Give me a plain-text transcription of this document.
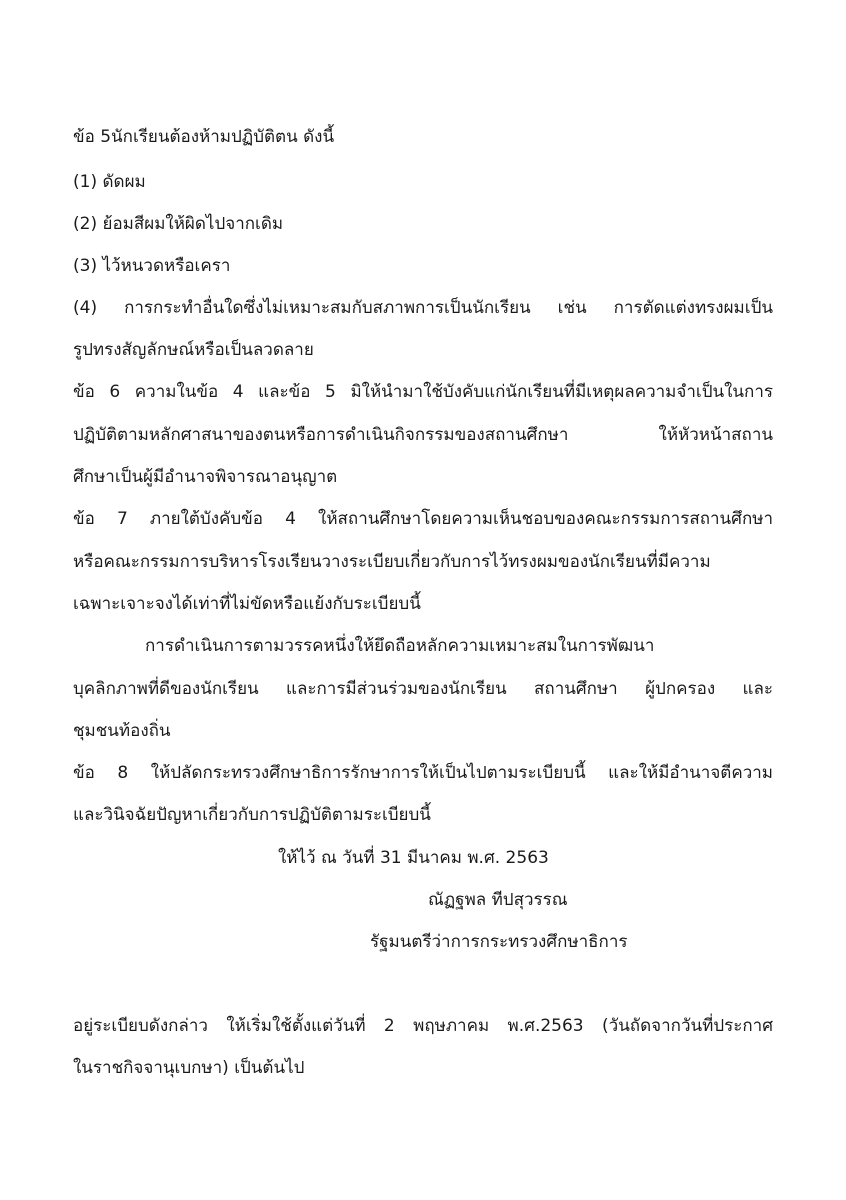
ข้อ 5นักเรียนต้องห้ามปฏิบัติตน ดังนี้
(1) ดัดผม
(2) ย้อมสีผมให้ผิดไปจากเดิม
(3) ไว้หนวดหรือเครา
(4) การกระทำอื่นใดซึ่งไม่เหมาะสมกับสภาพการเป็นนักเรียน เช่น การตัดแต่งทรงผมเป็น
รูปทรงสัญลักษณ์หรือเป็นลวดลาย
ข้อ 6 ความในข้อ 4 และข้อ 5 มิให้นำมาใช้บังคับแก่นักเรียนที่มีเหตุผลความจำเป็นในการ
ปฏิบัติตามหลักศาสนาของตนหรือการดำเนินกิจกรรมของสถานศึกษา ให้หัวหน้าสถาน
ศึกษาเป็นผู้มีอำนาจพิจารณาอนุญาต
ข้อ 7 ภายใต้บังคับข้อ 4 ให้สถานศึกษาโดยความเห็นชอบของคณะกรรมการสถานศึกษา
หรือคณะกรรมการบริหารโรงเรียนวางระเบียบเกี่ยวกับการไว้ทรงผมของนักเรียนที่มีความ
เฉพาะเจาะจงได้เท่าที่ไม่ขัดหรือแย้งกับระเบียบนี้
การดำเนินการตามวรรคหนึ่งให้ยึดถือหลักความเหมาะสมในการพัฒนา
บุคลิกภาพที่ดีของนักเรียน และการมีส่วนร่วมของนักเรียน สถานศึกษา ผู้ปกครอง และ
ชุมชนท้องถิ่น
ข้อ 8 ให้ปลัดกระทรวงศึกษาธิการรักษาการให้เป็นไปตามระเบียบนี้ และให้มีอำนาจตีความ
และวินิจฉัยปัญหาเกี่ยวกับการปฏิบัติตามระเบียบนี้
ให้ไว้ ณ วันที่ 31 มีนาคม พ.ศ. 2563
ณัฏฐพล ทีปสุวรรณ
รัฐมนตรีว่าการกระทรวงศึกษาธิการ
อยู่ระเบียบดังกล่าว ให้เริ่มใช้ตั้งแต่วันที่ 2 พฤษภาคม พ.ศ.2563 (วันถัดจากวันที่ประกาศ
ในราชกิจจานุเบกษา) เป็นต้นไป
